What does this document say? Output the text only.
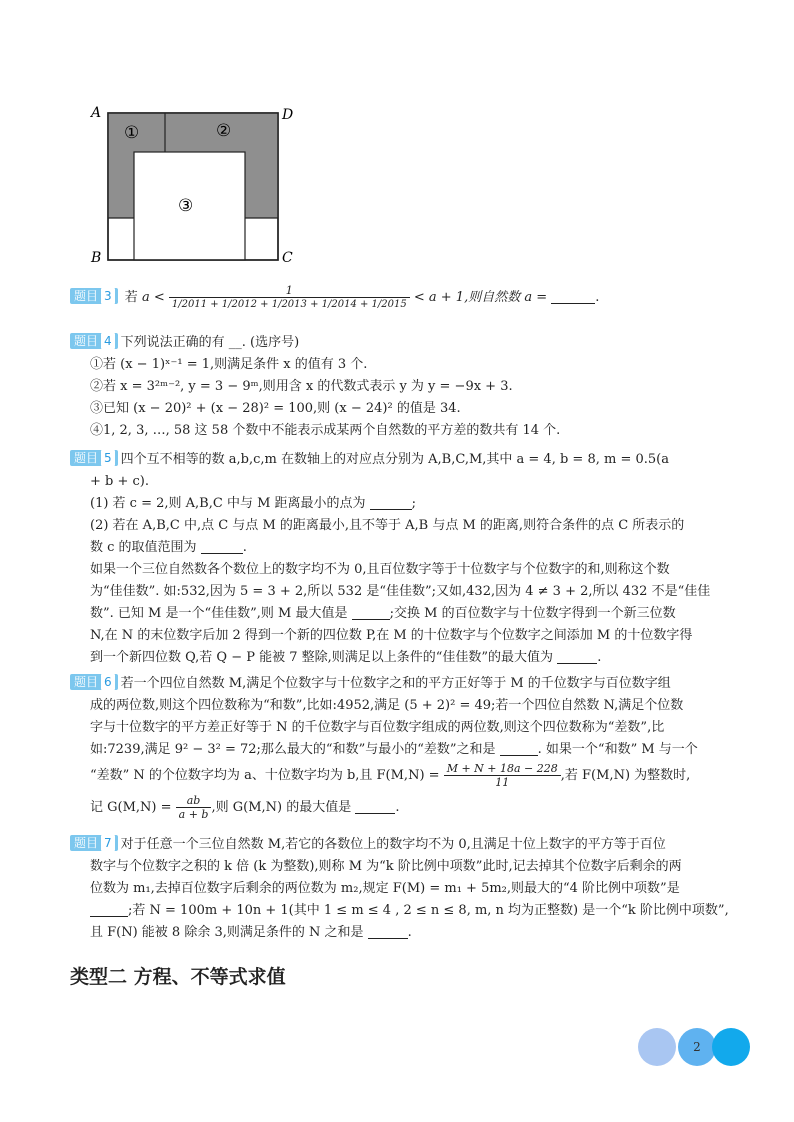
A	D
B	C
①	②
③
题目 3 若 $a < \frac{1}{1/2011 + 1/2012 + 1/2013 + 1/2014 + 1/2015} < a + 1$,则自然数 a =	.
题目 4 下列说法正确的有 __. (选序号)
①若 (x − 1)ˣ⁻¹ = 1,则满足条件 x 的值有 3 个.
②若 x = 3²ᵐ⁻², y = 3 − 9ᵐ,则用含 x 的代数式表示 y 为 y = −9x + 3.
③已知 (x − 20)² + (x − 28)² = 100,则 (x − 24)² 的值是 34.
④1, 2, 3, …, 58 这 58 个数中不能表示成某两个自然数的平方差的数共有 14 个.
题目 5 四个互不相等的数 a,b,c,m 在数轴上的对应点分别为 A,B,C,M,其中 a = 4, b = 8, m = 0.5(a
+ b + c).
(1) 若 c = 2,则 A,B,C 中与 M 距离最小的点为	;
(2) 若在 A,B,C 中,点 C 与点 M 的距离最小,且不等于 A,B 与点 M 的距离,则符合条件的点 C 所表示的
数 c 的取值范围为	.
如果一个三位自然数各个数位上的数字均不为 0,且百位数字等于十位数字与个位数字的和,则称这个数
为“佳佳数”. 如:532,因为 5 = 3 + 2,所以 532 是“佳佳数”;又如,432,因为 4 ≠ 3 + 2,所以 432 不是“佳佳
数”. 已知 M 是一个“佳佳数”,则 M 最大值是	;交换 M 的百位数字与十位数字得到一个新三位数
N,在 N 的末位数字后加 2 得到一个新的四位数 P,在 M 的十位数字与个位数字之间添加 M 的十位数字得
到一个新四位数 Q,若 Q − P 能被 7 整除,则满足以上条件的“佳佳数”的最大值为	.
题目 6 若一个四位自然数 M,满足个位数字与十位数字之和的平方正好等于 M 的千位数字与百位数字组
成的两位数,则这个四位数称为“和数”,比如:4952,满足 (5 + 2)² = 49;若一个四位自然数 N,满足个位数
字与十位数字的平方差正好等于 N 的千位数字与百位数字组成的两位数,则这个四位数称为“差数”,比
如:7239,满足 9² − 3² = 72;那么最大的“和数”与最小的“差数”之和是	. 如果一个“和数” M 与一个
“差数” N 的个位数字均为 a、十位数字均为 b,且 $F(M,N) = \frac{M + N + 18a - 228}{11}$ ,若 F(M,N) 为整数时,
记 $G(M,N) = \frac{ab}{a + b}$ ,则 G(M,N) 的最大值是	.
题目 7 对于任意一个三位自然数 M,若它的各数位上的数字均不为 0,且满足十位上数字的平方等于百位
数字与个位数字之积的 k 倍 (k 为整数),则称 M 为“k 阶比例中项数”此时,记去掉其个位数字后剩余的两
位数为 m₁,去掉百位数字后剩余的两位数为 m₂,规定 F(M) = m₁ + 5m₂,则最大的“4 阶比例中项数”是
;若 N = 100m + 10n + 1(其中 1 ≤ m ≤ 4 , 2 ≤ n ≤ 8, m, n 均为正整数) 是一个“k 阶比例中项数”,
且 F(N) 能被 8 除余 3,则满足条件的 N 之和是	.
类型二 方程、不等式求值
2
